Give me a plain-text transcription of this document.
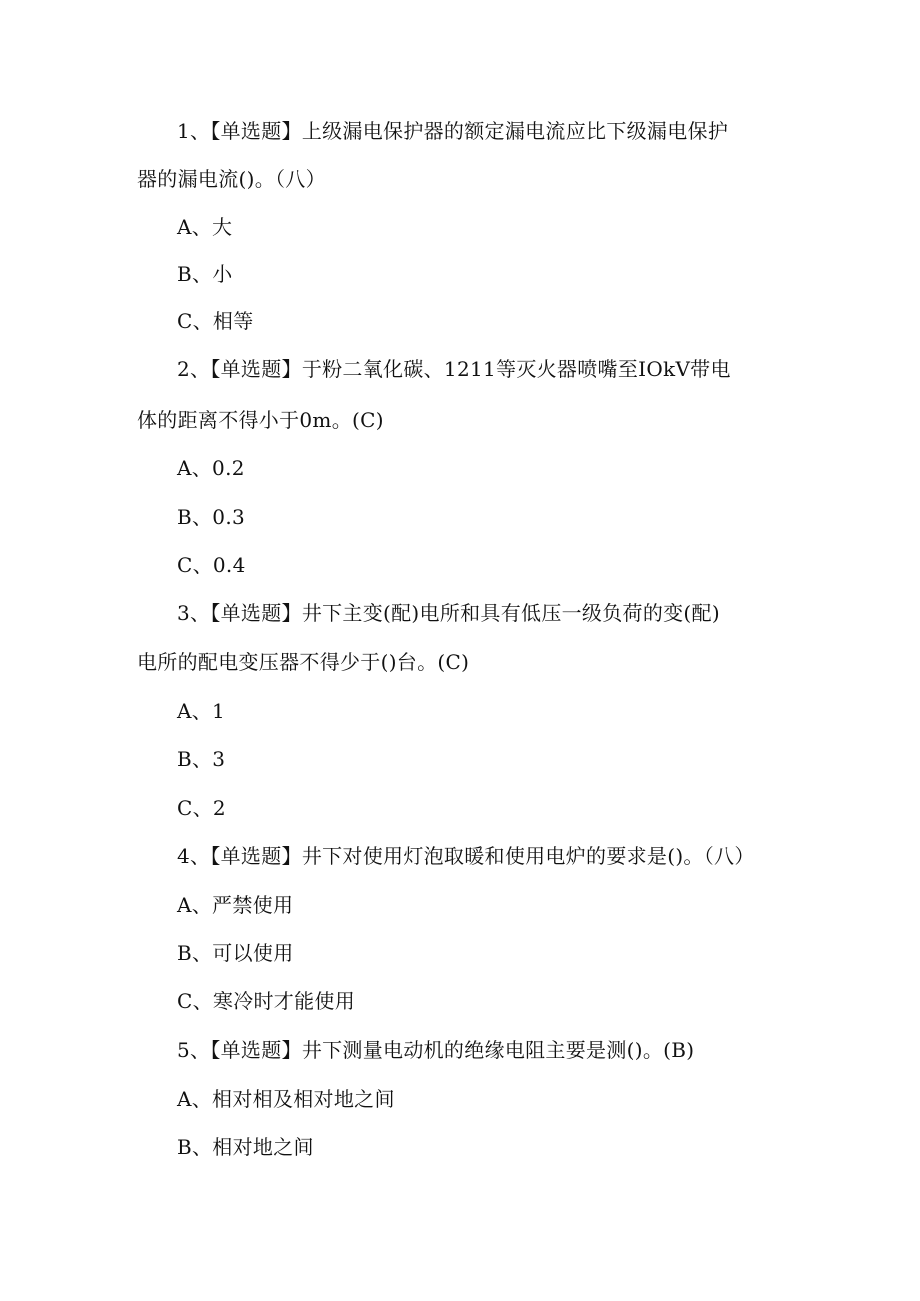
1、【单选题】上级漏电保护器的额定漏电流应比下级漏电保护
器的漏电流()。（八）
A、大
B、小
C、相等
2、【单选题】于粉二氧化碳、1211等灭火器喷嘴至IOkV带电
体的距离不得小于0m。(C)
A、0.2
B、0.3
C、0.4
3、【单选题】井下主变(配)电所和具有低压一级负荷的变(配)
电所的配电变压器不得少于()台。(C)
A、1
B、3
C、2
4、【单选题】井下对使用灯泡取暖和使用电炉的要求是()。（八）
A、严禁使用
B、可以使用
C、寒冷时才能使用
5、【单选题】井下测量电动机的绝缘电阻主要是测()。(B)
A、相对相及相对地之间
B、相对地之间
